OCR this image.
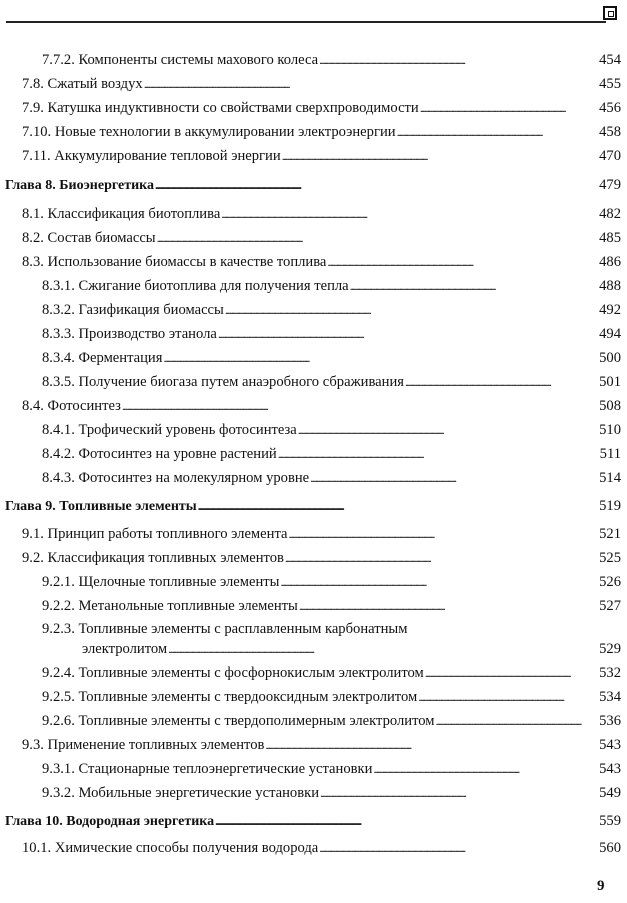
7.7.2. Компоненты системы махового колеса . . .	454
7.8. Сжатый воздух . . .	455
7.9. Катушка индуктивности со свойствами сверхпроводимости . . .	456
7.10. Новые технологии в аккумулировании электроэнергии . . .	458
7.11. Аккумулирование тепловой энергии . . .	470
Глава 8. Биоэнергетика . . .	479
8.1. Классификация биотоплива . . .	482
8.2. Состав биомассы . . .	485
8.3. Использование биомассы в качестве топлива . . .	486
8.3.1. Сжигание биотоплива для получения тепла . . .	488
8.3.2. Газификация биомассы . . .	492
8.3.3. Производство этанола . . .	494
8.3.4. Ферментация . . .	500
8.3.5. Получение биогаза путем анаэробного сбраживания . . .	501
8.4. Фотосинтез . . .	508
8.4.1. Трофический уровень фотосинтеза . . .	510
8.4.2. Фотосинтез на уровне растений . . .	511
8.4.3. Фотосинтез на молекулярном уровне . . .	514
Глава 9. Топливные элементы . . .	519
9.1. Принцип работы топливного элемента . . .	521
9.2. Классификация топливных элементов . . .	525
9.2.1. Щелочные топливные элементы . . .	526
9.2.2. Метанольные топливные элементы . . .	527
9.2.3. Топливные элементы с расплавленным карбонатным
электролитом . . .	529
9.2.4. Топливные элементы с фосфорнокислым электролитом . . .	532
9.2.5. Топливные элементы с твердооксидным электролитом . . .	534
9.2.6. Топливные элементы с твердополимерным электролитом . . .	536
9.3. Применение топливных элементов . . .	543
9.3.1. Стационарные теплоэнергетические установки . . .	543
9.3.2. Мобильные энергетические установки . . .	549
Глава 10. Водородная энергетика . . .	559
10.1. Химические способы получения водорода . . .	560
9
